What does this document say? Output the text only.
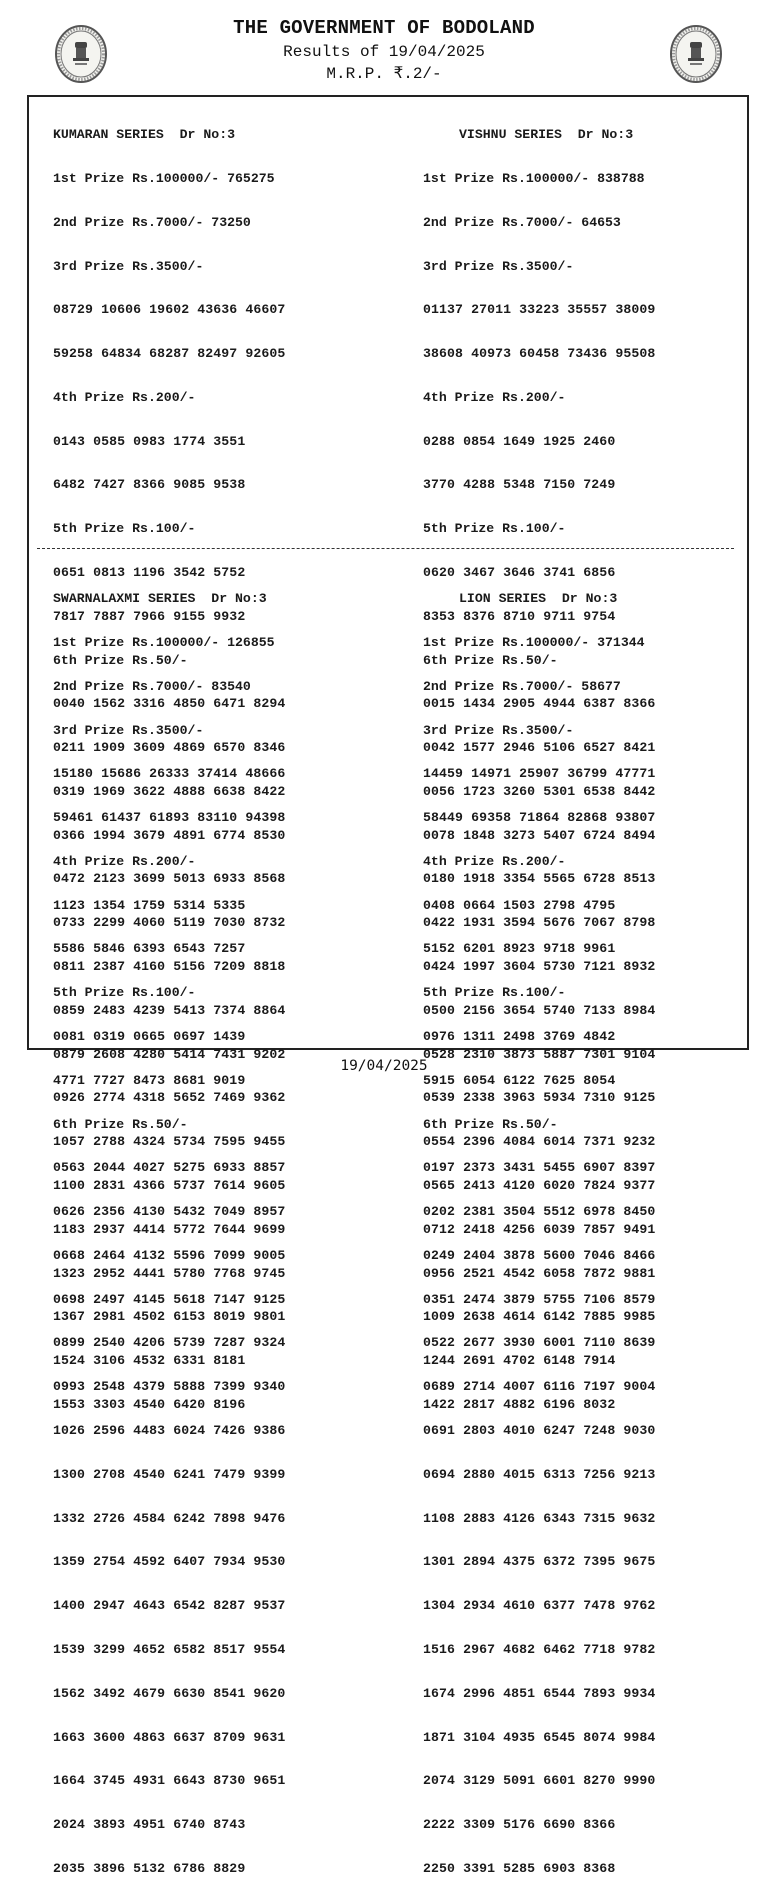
THE GOVERNMENT OF BODOLAND
Results of 19/04/2025
M.R.P. ₹.2/-

KUMARAN SERIES  Dr No:3

1st Prize Rs.100000/- 765275

2nd Prize Rs.7000/- 73250

3rd Prize Rs.3500/-

08729 10606 19602 43636 46607

59258 64834 68287 82497 92605

4th Prize Rs.200/-

0143 0585 0983 1774 3551

6482 7427 8366 9085 9538

5th Prize Rs.100/-

0651 0813 1196 3542 5752

7817 7887 7966 9155 9932

6th Prize Rs.50/-

0040 1562 3316 4850 6471 8294

0211 1909 3609 4869 6570 8346

0319 1969 3622 4888 6638 8422

0366 1994 3679 4891 6774 8530

0472 2123 3699 5013 6933 8568

0733 2299 4060 5119 7030 8732

0811 2387 4160 5156 7209 8818

0859 2483 4239 5413 7374 8864

0879 2608 4280 5414 7431 9202

0926 2774 4318 5652 7469 9362

1057 2788 4324 5734 7595 9455

1100 2831 4366 5737 7614 9605

1183 2937 4414 5772 7644 9699

1323 2952 4441 5780 7768 9745

1367 2981 4502 6153 8019 9801

1524 3106 4532 6331 8181

1553 3303 4540 6420 8196

VISHNU SERIES  Dr No:3

1st Prize Rs.100000/- 838788

2nd Prize Rs.7000/- 64653

3rd Prize Rs.3500/-

01137 27011 33223 35557 38009

38608 40973 60458 73436 95508

4th Prize Rs.200/-

0288 0854 1649 1925 2460

3770 4288 5348 7150 7249

5th Prize Rs.100/-

0620 3467 3646 3741 6856

8353 8376 8710 9711 9754

6th Prize Rs.50/-

0015 1434 2905 4944 6387 8366

0042 1577 2946 5106 6527 8421

0056 1723 3260 5301 6538 8442

0078 1848 3273 5407 6724 8494

0180 1918 3354 5565 6728 8513

0422 1931 3594 5676 7067 8798

0424 1997 3604 5730 7121 8932

0500 2156 3654 5740 7133 8984

0528 2310 3873 5887 7301 9104

0539 2338 3963 5934 7310 9125

0554 2396 4084 6014 7371 9232

0565 2413 4120 6020 7824 9377

0712 2418 4256 6039 7857 9491

0956 2521 4542 6058 7872 9881

1009 2638 4614 6142 7885 9985

1244 2691 4702 6148 7914

1422 2817 4882 6196 8032

SWARNALAXMI SERIES  Dr No:3

1st Prize Rs.100000/- 126855

2nd Prize Rs.7000/- 83540

3rd Prize Rs.3500/-

15180 15686 26333 37414 48666

59461 61437 61893 83110 94398

4th Prize Rs.200/-

1123 1354 1759 5314 5335

5586 5846 6393 6543 7257

5th Prize Rs.100/-

0081 0319 0665 0697 1439

4771 7727 8473 8681 9019

6th Prize Rs.50/-

0563 2044 4027 5275 6933 8857

0626 2356 4130 5432 7049 8957

0668 2464 4132 5596 7099 9005

0698 2497 4145 5618 7147 9125

0899 2540 4206 5739 7287 9324

0993 2548 4379 5888 7399 9340

1026 2596 4483 6024 7426 9386

1300 2708 4540 6241 7479 9399

1332 2726 4584 6242 7898 9476

1359 2754 4592 6407 7934 9530

1400 2947 4643 6542 8287 9537

1539 3299 4652 6582 8517 9554

1562 3492 4679 6630 8541 9620

1663 3600 4863 6637 8709 9631

1664 3745 4931 6643 8730 9651

2024 3893 4951 6740 8743

2035 3896 5132 6786 8829

LION SERIES  Dr No:3

1st Prize Rs.100000/- 371344

2nd Prize Rs.7000/- 58677

3rd Prize Rs.3500/-

14459 14971 25907 36799 47771

58449 69358 71864 82868 93807

4th Prize Rs.200/-

0408 0664 1503 2798 4795

5152 6201 8923 9718 9961

5th Prize Rs.100/-

0976 1311 2498 3769 4842

5915 6054 6122 7625 8054

6th Prize Rs.50/-

0197 2373 3431 5455 6907 8397

0202 2381 3504 5512 6978 8450

0249 2404 3878 5600 7046 8466

0351 2474 3879 5755 7106 8579

0522 2677 3930 6001 7110 8639

0689 2714 4007 6116 7197 9004

0691 2803 4010 6247 7248 9030

0694 2880 4015 6313 7256 9213

1108 2883 4126 6343 7315 9632

1301 2894 4375 6372 7395 9675

1304 2934 4610 6377 7478 9762

1516 2967 4682 6462 7718 9782

1674 2996 4851 6544 7893 9934

1871 3104 4935 6545 8074 9984

2074 3129 5091 6601 8270 9990

2222 3309 5176 6690 8366

2250 3391 5285 6903 8368

19/04/2025
